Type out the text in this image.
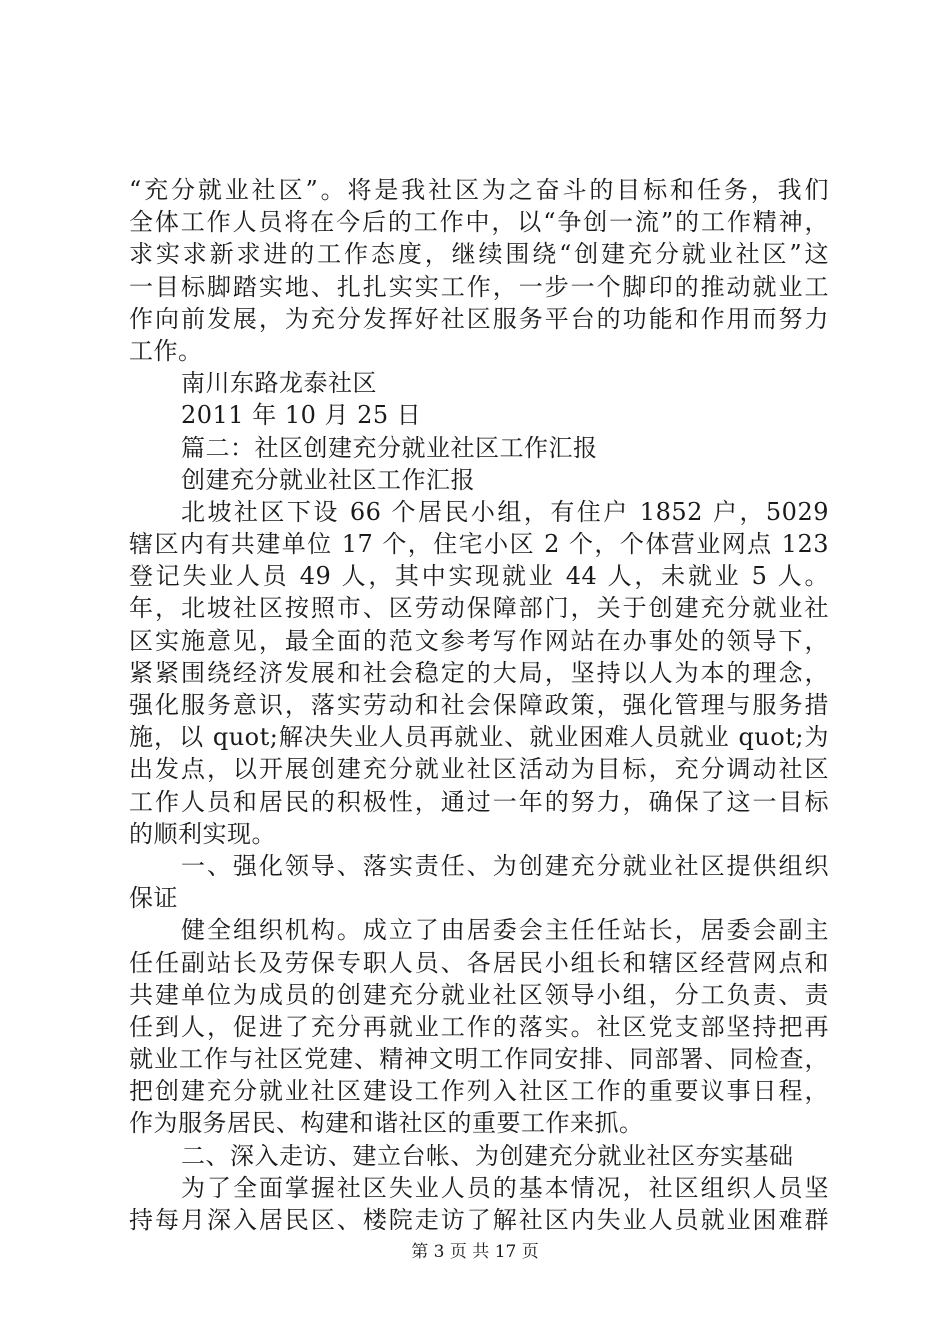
“充分就业社区”。将是我社区为之奋斗的目标和任务，我们
全体工作人员将在今后的工作中，以“争创一流”的工作精神，
求实求新求进的工作态度，继续围绕“创建充分就业社区”这
一目标脚踏实地、扎扎实实工作，一步一个脚印的推动就业工
作向前发展，为充分发挥好社区服务平台的功能和作用而努力
工作。
南川东路龙泰社区
2011 年 10 月 25 日
篇二：社区创建充分就业社区工作汇报
创建充分就业社区工作汇报
北坡社区下设 66 个居民小组，有住户 1852 户，5029
辖区内有共建单位 17 个，住宅小区 2 个，个体营业网点 123
登记失业人员 49 人，其中实现就业 44 人，未就业 5 人。
年，北坡社区按照市、区劳动保障部门，关于创建充分就业社
区实施意见，最全面的范文参考写作网站在办事处的领导下，
紧紧围绕经济发展和社会稳定的大局，坚持以人为本的理念，
强化服务意识，落实劳动和社会保障政策，强化管理与服务措
施，以 quot;解决失业人员再就业、就业困难人员就业 quot;为
出发点，以开展创建充分就业社区活动为目标，充分调动社区
工作人员和居民的积极性，通过一年的努力，确保了这一目标
的顺利实现。
一、强化领导、落实责任、为创建充分就业社区提供组织
保证
健全组织机构。成立了由居委会主任任站长，居委会副主
任任副站长及劳保专职人员、各居民小组长和辖区经营网点和
共建单位为成员的创建充分就业社区领导小组，分工负责、责
任到人，促进了充分再就业工作的落实。社区党支部坚持把再
就业工作与社区党建、精神文明工作同安排、同部署、同检查，
把创建充分就业社区建设工作列入社区工作的重要议事日程，
作为服务居民、构建和谐社区的重要工作来抓。
二、深入走访、建立台帐、为创建充分就业社区夯实基础
为了全面掌握社区失业人员的基本情况，社区组织人员坚
持每月深入居民区、楼院走访了解社区内失业人员就业困难群
第 3 页 共 17 页
